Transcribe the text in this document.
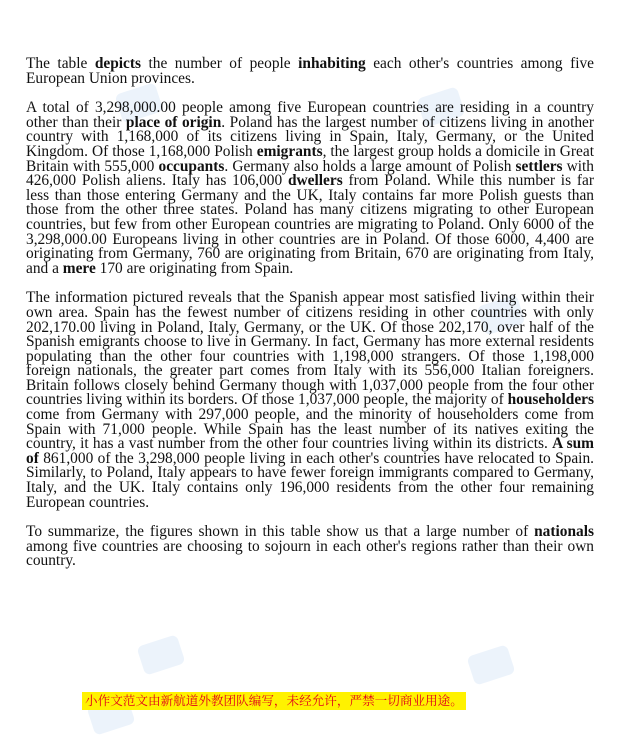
The table depicts the number of people inhabiting each other's countries among five European Union provinces.

A total of 3,298,000.00 people among five European countries are residing in a country other than their place of origin. Poland has the largest number of citizens living in another country with 1,168,000 of its citizens living in Spain, Italy, Germany, or the United Kingdom. Of those 1,168,000 Polish emigrants, the largest group holds a domicile in Great Britain with 555,000 occupants. Germany also holds a large amount of Polish settlers with 426,000 Polish aliens. Italy has 106,000 dwellers from Poland. While this number is far less than those entering Germany and the UK, Italy contains far more Polish guests than those from the other three states. Poland has many citizens migrating to other European countries, but few from other European countries are migrating to Poland. Only 6000 of the 3,298,000.00 Europeans living in other countries are in Poland. Of those 6000, 4,400 are originating from Germany, 760 are originating from Britain, 670 are originating from Italy, and a mere 170 are originating from Spain.

The information pictured reveals that the Spanish appear most satisfied living within their own area. Spain has the fewest number of citizens residing in other countries with only 202,170.00 living in Poland, Italy, Germany, or the UK. Of those 202,170, over half of the Spanish emigrants choose to live in Germany. In fact, Germany has more external residents populating than the other four countries with 1,198,000 strangers. Of those 1,198,000 foreign nationals, the greater part comes from Italy with its 556,000 Italian foreigners. Britain follows closely behind Germany though with 1,037,000 people from the four other countries living within its borders. Of those 1,037,000 people, the majority of householders come from Germany with 297,000 people, and the minority of householders come from Spain with 71,000 people. While Spain has the least number of its natives exiting the country, it has a vast number from the other four countries living within its districts. A sum of 861,000 of the 3,298,000 people living in each other's countries have relocated to Spain. Similarly, to Poland, Italy appears to have fewer foreign immigrants compared to Germany, Italy, and the UK. Italy contains only 196,000 residents from the other four remaining European countries.

To summarize, the figures shown in this table show us that a large number of nationals among five countries are choosing to sojourn in each other's regions rather than their own country.

小作文范文由新航道外教团队编写，未经允许，严禁一切商业用途。
